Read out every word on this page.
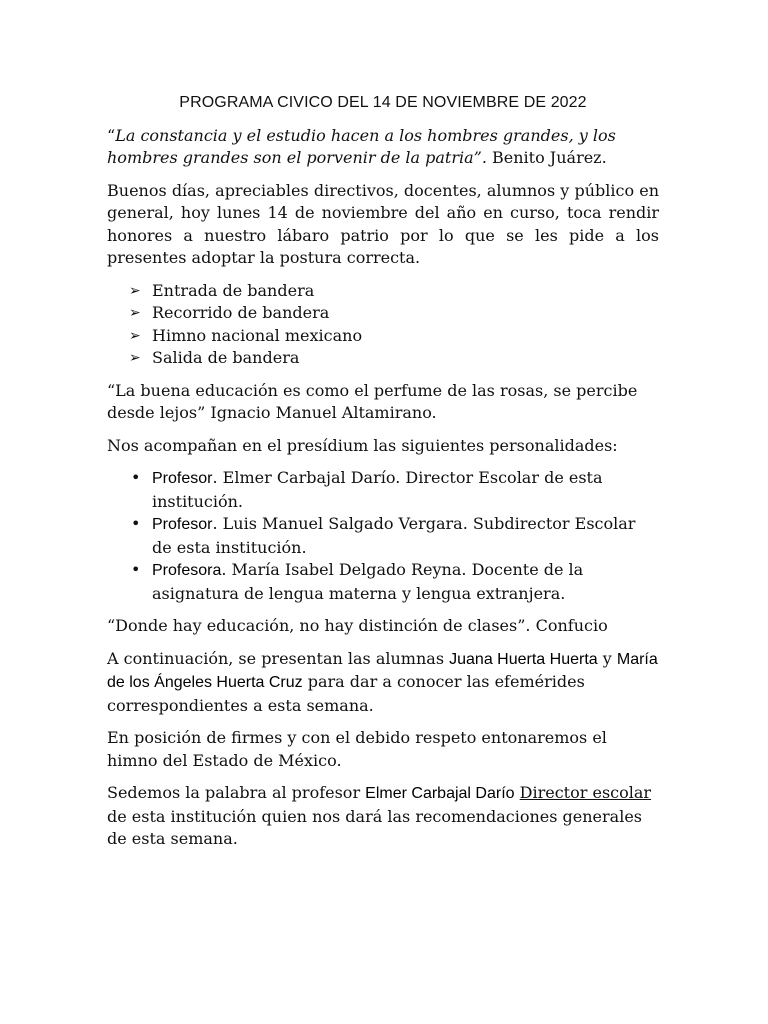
PROGRAMA CIVICO DEL 14 DE NOVIEMBRE DE 2022

“La constancia y el estudio hacen a los hombres grandes, y los hombres grandes son el porvenir de la patria”. Benito Juárez.

Buenos días, apreciables directivos, docentes, alumnos y público en general, hoy lunes 14 de noviembre del año en curso, toca rendir honores a nuestro lábaro patrio por lo que se les pide a los presentes adoptar la postura correcta.

➢ Entrada de bandera
➢ Recorrido de bandera
➢ Himno nacional mexicano
➢ Salida de bandera

“La buena educación es como el perfume de las rosas, se percibe desde lejos” Ignacio Manuel Altamirano.

Nos acompañan en el presídium las siguientes personalidades:

• Profesor. Elmer Carbajal Darío. Director Escolar de esta institución.
• Profesor. Luis Manuel Salgado Vergara. Subdirector Escolar de esta institución.
• Profesora. María Isabel Delgado Reyna. Docente de la asignatura de lengua materna y lengua extranjera.

“Donde hay educación, no hay distinción de clases”. Confucio

A continuación, se presentan las alumnas Juana Huerta Huerta y María de los Ángeles Huerta Cruz para dar a conocer las efemérides correspondientes a esta semana.

En posición de firmes y con el debido respeto entonaremos el himno del Estado de México.

Sedemos la palabra al profesor Elmer Carbajal Darío Director escolar de esta institución quien nos dará las recomendaciones generales de esta semana.
